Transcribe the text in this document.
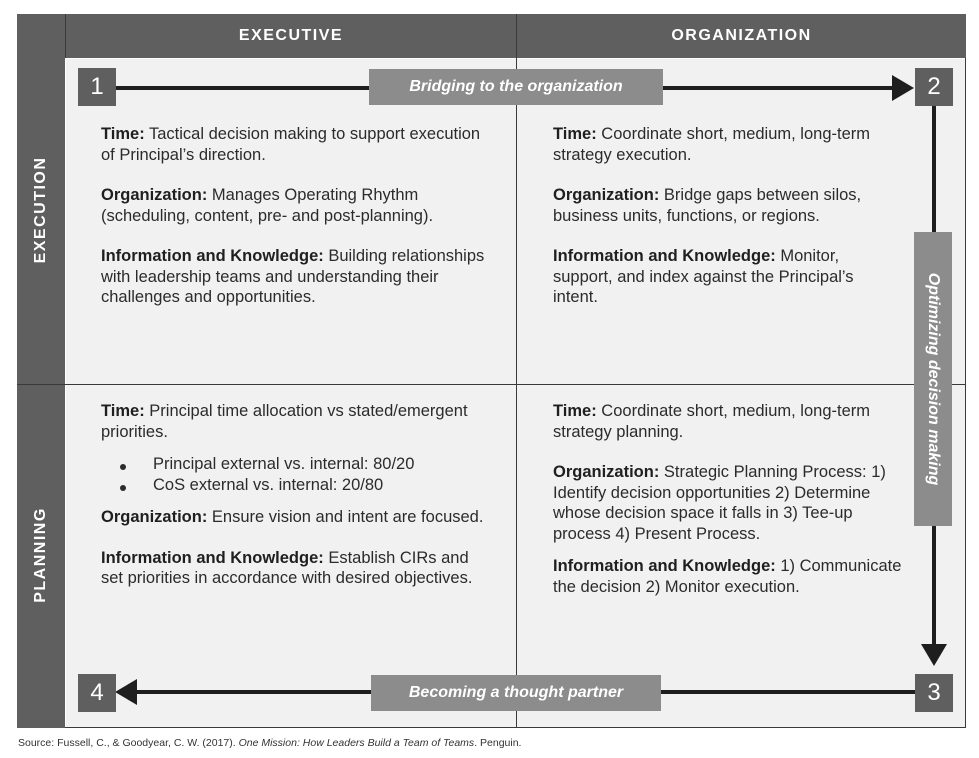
EXECUTIVE	ORGANIZATION
EXECUTION
PLANNING
Bridging to the organization
Optimizing decision making
Becoming a thought partner
1	2
3
4

Time: Tactical decision making to support execution of Principal’s direction.

Organization: Manages Operating Rhythm (scheduling, content, pre- and post-planning).

Information and Knowledge: Building relationships with leadership teams and understanding their challenges and opportunities.

Time: Coordinate short, medium, long-term strategy execution.

Organization: Bridge gaps between silos, business units, functions, or regions.

Information and Knowledge: Monitor, support, and index against the Principal’s intent.

Time: Principal time allocation vs stated/emergent priorities.

Principal external vs. internal: 80/20
CoS external vs. internal: 20/80

Organization: Ensure vision and intent are focused.

Information and Knowledge: Establish CIRs and set priorities in accordance with desired objectives.

Time: Coordinate short, medium, long-term strategy planning.

Organization: Strategic Planning Process: 1) Identify decision opportunities 2) Determine whose decision space it falls in 3) Tee-up process 4) Present Process.

Information and Knowledge: 1) Communicate the decision 2) Monitor execution.

Source: Fussell, C., & Goodyear, C. W. (2017). One Mission: How Leaders Build a Team of Teams. Penguin.
